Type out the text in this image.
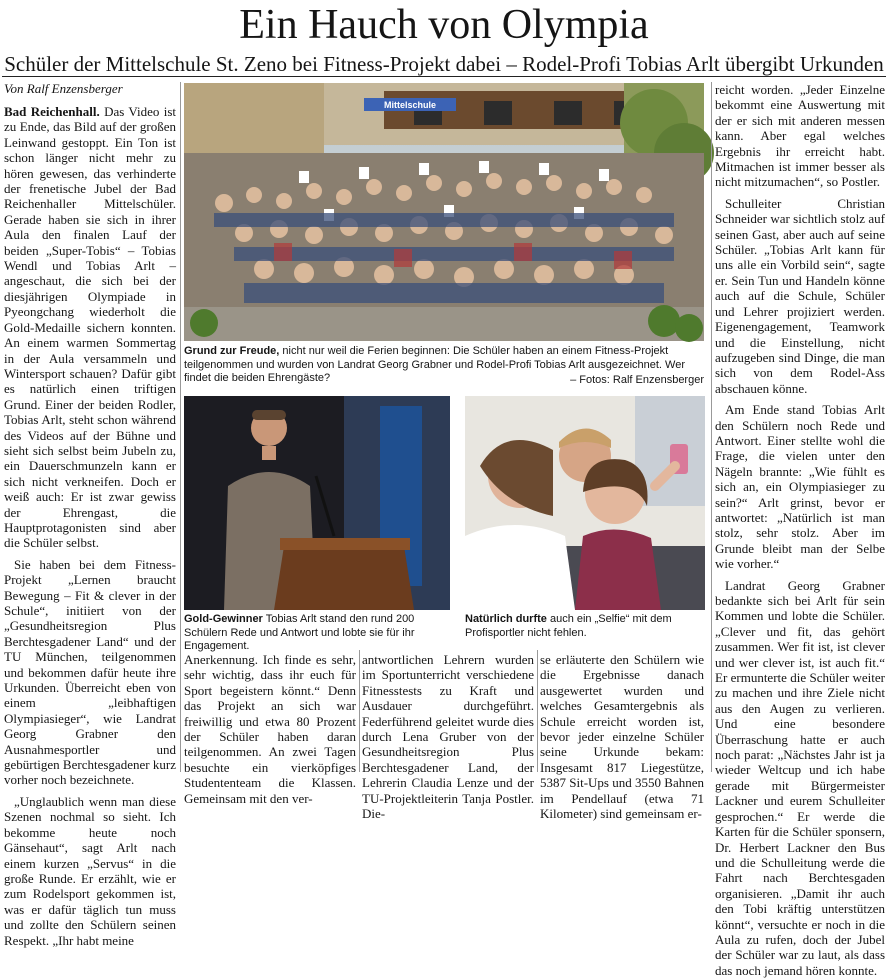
Ein Hauch von Olympia
Schüler der Mittelschule St. Zeno bei Fitness-Projekt dabei – Rodel-Profi Tobias Arlt übergibt Urkunden
Von Ralf Enzensberger

Bad Reichenhall. Das Video ist zu Ende, das Bild auf der großen Leinwand gestoppt. Ein Ton ist schon länger nicht mehr zu hören gewesen, das verhinderte der frenetische Jubel der Bad Reichenhaller Mittelschüler. Gerade haben sie sich in ihrer Aula den finalen Lauf der beiden „Super-Tobis“ – Tobias Wendl und Tobias Arlt – angeschaut, die sich bei der diesjährigen Olympiade in Pyeongchang wiederholt die Gold-Medaille sichern konnten. An einem warmen Sommertag in der Aula versammeln und Wintersport schauen? Dafür gibt es natürlich einen triftigen Grund. Einer der beiden Rodler, Tobias Arlt, steht schon während des Videos auf der Bühne und sieht sich selbst beim Jubeln zu, ein Dauerschmunzeln kann er sich nicht verkneifen. Doch er weiß auch: Er ist zwar gewiss der Ehrengast, die Hauptprotagonisten sind aber die Schüler selbst.

Sie haben bei dem Fitness-Projekt „Lernen braucht Bewegung – Fit & clever in der Schule“, initiiert von der „Gesundheitsregion Plus Berchtesgadener Land“ und der TU München, teilgenommen und bekommen dafür heute ihre Urkunden. Überreicht eben von einem „leibhaftigen Olympiasieger“, wie Landrat Georg Grabner den Ausnahmesportler und gebürtigen Berchtesgadener kurz vorher noch bezeichnete.

„Unglaublich wenn man diese Szenen nochmal so sieht. Ich bekomme heute noch Gänsehaut“, sagt Arlt nach einem kurzen „Servus“ in die große Runde. Er erzählt, wie er zum Rodelsport gekommen ist, was er dafür täglich tun muss und zollte den Schülern seinen Respekt. „Ihr habt meine

Mittelschule
Grund zur Freude, nicht nur weil die Ferien beginnen: Die Schüler haben an einem Fitness-Projekt teilgenommen und wurden von Landrat Georg Grabner und Rodel-Profi Tobias Arlt ausgezeichnet. Wer findet die beiden Ehrengäste?	– Fotos: Ralf Enzensberger
Gold-Gewinner Tobias Arlt stand den rund 200 Schülern Rede und Antwort und lobte sie für ihr Engagement.
Natürlich durfte auch ein „Selfie“ mit dem Profisportler nicht fehlen.

Anerkennung. Ich finde es sehr, sehr wichtig, dass ihr euch für Sport begeistern könnt.“ Denn das Projekt an sich war freiwillig und etwa 80 Prozent der Schüler haben daran teilgenommen. An zwei Tagen besuchte ein vierköpfiges Studententeam die Klassen. Gemeinsam mit den ver-

antwortlichen Lehrern wurden im Sportunterricht verschiedene Fitnesstests zu Kraft und Ausdauer durchgeführt. Federführend geleitet wurde dies durch Lena Gruber von der Gesundheitsregion Plus Berchtesgadener Land, der Lehrerin Claudia Lenze und der TU-Projektleiterin Tanja Postler. Die-

se erläuterte den Schülern wie die Ergebnisse danach ausgewertet wurden und welches Gesamtergebnis als Schule erreicht worden ist, bevor jeder einzelne Schüler seine Urkunde bekam: Insgesamt 817 Liegestütze, 5387 Sit-Ups und 3550 Bahnen im Pendellauf (etwa 71 Kilometer) sind gemeinsam er-

reicht worden. „Jeder Einzelne bekommt eine Auswertung mit der er sich mit anderen messen kann. Aber egal welches Ergebnis ihr erreicht habt. Mitmachen ist immer besser als nicht mitzumachen“, so Postler.

Schulleiter Christian Schneider war sichtlich stolz auf seinen Gast, aber auch auf seine Schüler. „Tobias Arlt kann für uns alle ein Vorbild sein“, sagte er. Sein Tun und Handeln könne auch auf die Schule, Schüler und Lehrer projiziert werden. Eigenengagement, Teamwork und die Einstellung, nicht aufzugeben sind Dinge, die man sich von dem Rodel-Ass abschauen könne.

Am Ende stand Tobias Arlt den Schülern noch Rede und Antwort. Einer stellte wohl die Frage, die vielen unter den Nägeln brannte: „Wie fühlt es sich an, ein Olympiasieger zu sein?“ Arlt grinst, bevor er antwortet: „Natürlich ist man stolz, sehr stolz. Aber im Grunde bleibt man der Selbe wie vorher.“

Landrat Georg Grabner bedankte sich bei Arlt für sein Kommen und lobte die Schüler. „Clever und fit, das gehört zusammen. Wer fit ist, ist clever und wer clever ist, ist auch fit.“ Er ermunterte die Schüler weiter zu machen und ihre Ziele nicht aus den Augen zu verlieren. Und eine besondere Überraschung hatte er auch noch parat: „Nächstes Jahr ist ja wieder Weltcup und ich habe gerade mit Bürgermeister Lackner und eurem Schulleiter gesprochen.“ Er werde die Karten für die Schüler sponsern, Dr. Herbert Lackner den Bus und die Schulleitung werde die Fahrt nach Berchtesgaden organisieren. „Damit ihr auch den Tobi kräftig unterstützen könnt“, versuchte er noch in die Aula zu rufen, doch der Jubel der Schüler war zu laut, als dass das noch jemand hören konnte.
